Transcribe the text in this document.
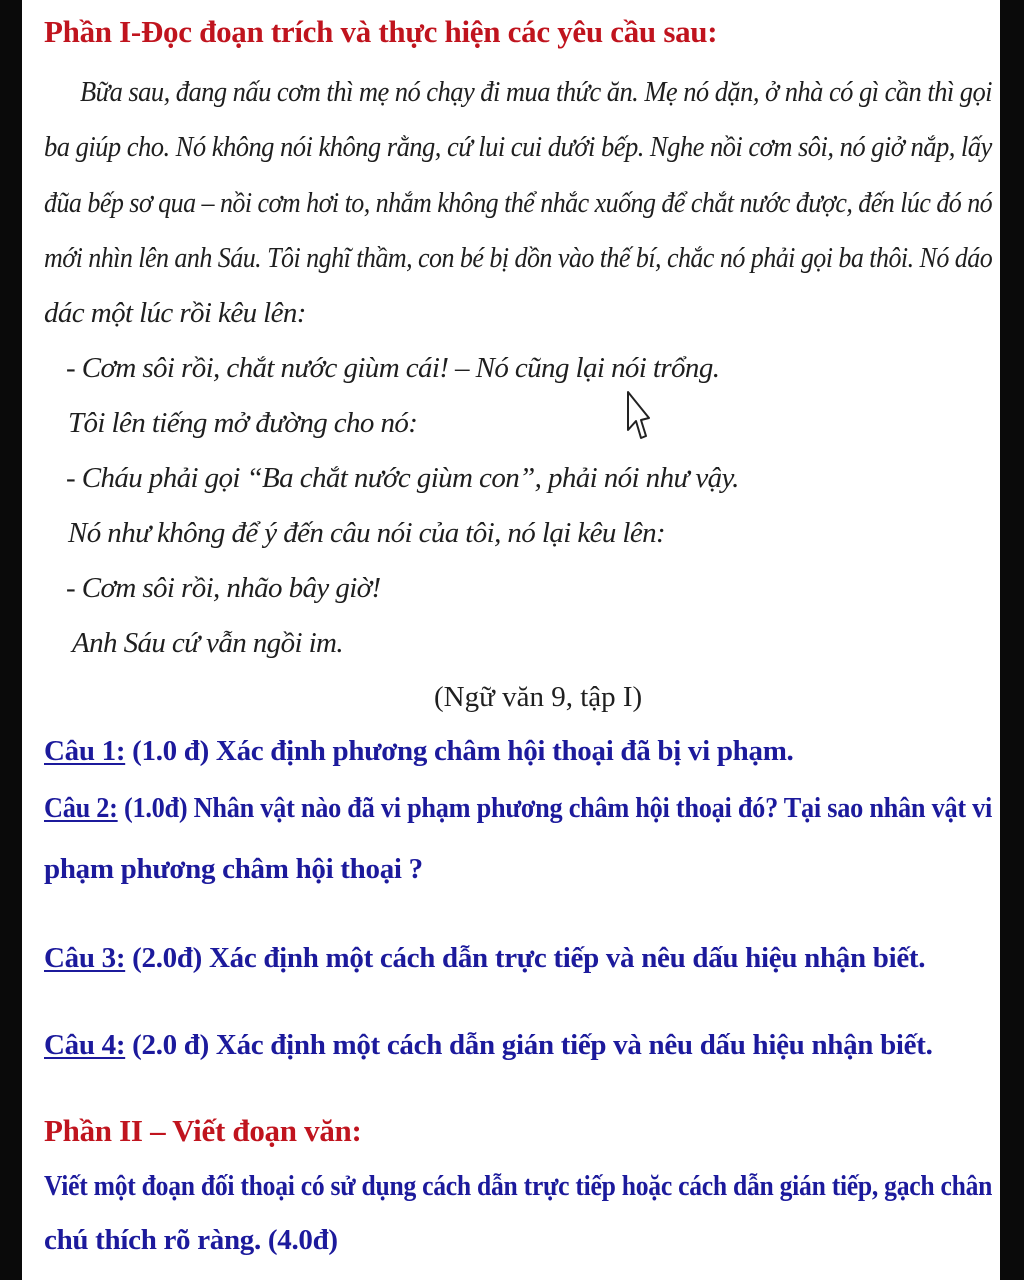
Phần I-Đọc đoạn trích và thực hiện các yêu cầu sau:

Bữa sau, đang nấu cơm thì mẹ nó chạy đi mua thức ăn. Mẹ nó dặn, ở nhà có gì cần thì gọi

ba giúp cho. Nó không nói không rằng, cứ lui cui dưới bếp. Nghe nồi cơm sôi, nó giở nắp, lấy

đũa bếp sơ qua – nồi cơm hơi to, nhắm không thể nhắc xuống để chắt nước được, đến lúc đó nó

mới nhìn lên anh Sáu. Tôi nghĩ thầm, con bé bị dồn vào thế bí, chắc nó phải gọi ba thôi. Nó dáo

dác một lúc rồi kêu lên:

- Cơm sôi rồi, chắt nước giùm cái! – Nó cũng lại nói trổng.

Tôi lên tiếng mở đường cho nó:

- Cháu phải gọi “Ba chắt nước giùm con”, phải nói như vậy.

Nó như không để ý đến câu nói của tôi, nó lại kêu lên:

- Cơm sôi rồi, nhão bây giờ!

Anh Sáu cứ vẫn ngồi im.

(Ngữ văn 9, tập I)

Câu 1: (1.0 đ) Xác định phương châm hội thoại đã bị vi phạm.

Câu 2: (1.0đ) Nhân vật nào đã vi phạm phương châm hội thoại đó? Tại sao nhân vật vi

phạm phương châm hội thoại ?

Câu 3: (2.0đ) Xác định một cách dẫn trực tiếp và nêu dấu hiệu nhận biết.

Câu 4: (2.0 đ) Xác định một cách dẫn gián tiếp và nêu dấu hiệu nhận biết.

Phần II – Viết đoạn văn:

Viết một đoạn đối thoại có sử dụng cách dẫn trực tiếp hoặc cách dẫn gián tiếp, gạch chân

chú thích rõ ràng. (4.0đ)
